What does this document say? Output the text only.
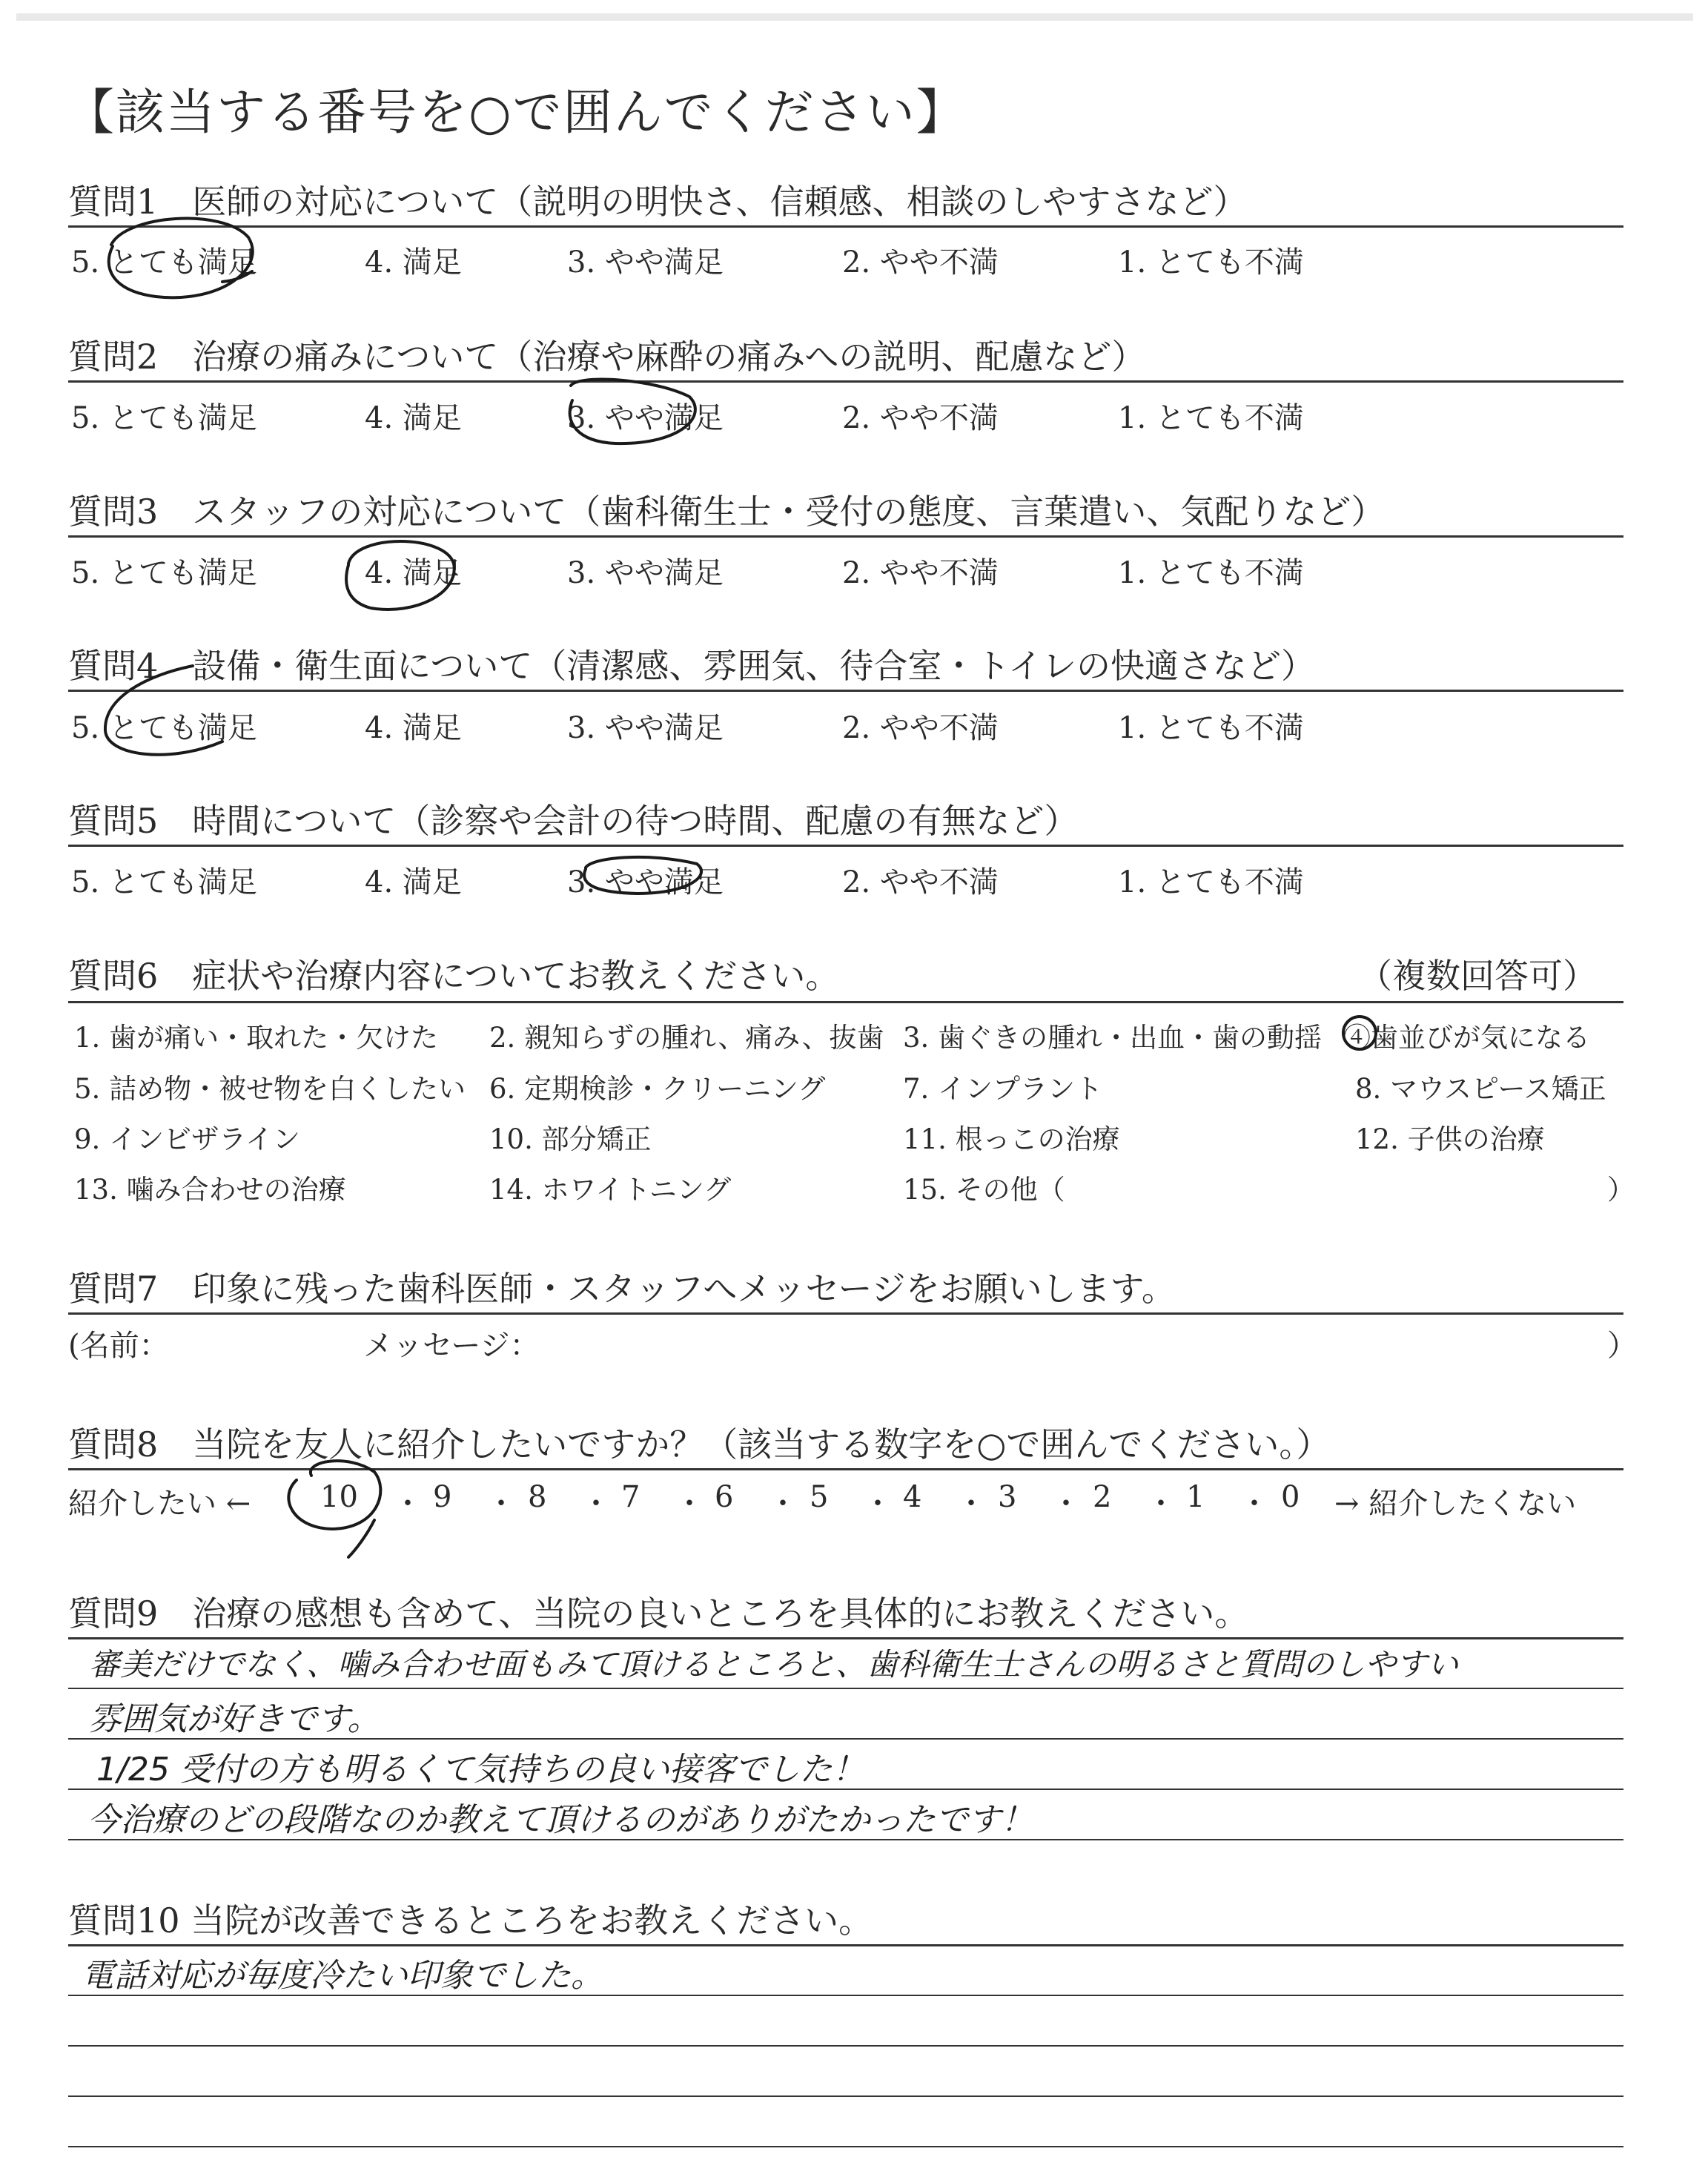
【該当する番号を○で囲んでください】
質問1　医師の対応について（説明の明快さ、信頼感、相談のしやすさなど）
5. とても満足	4. 満足	3. やや満足	2. やや不満	1. とても不満
質問2　治療の痛みについて（治療や麻酔の痛みへの説明、配慮など）
5. とても満足	4. 満足	3. やや満足	2. やや不満	1. とても不満
質問3　スタッフの対応について（歯科衛生士・受付の態度、言葉遣い、気配りなど）
5. とても満足	4. 満足	3. やや満足	2. やや不満	1. とても不満
質問4　設備・衛生面について（清潔感、雰囲気、待合室・トイレの快適さなど）
5. とても満足	4. 満足	3. やや満足	2. やや不満	1. とても不満
質問5　時間について（診察や会計の待つ時間、配慮の有無など）
5. とても満足	4. 満足	3. やや満足	2. やや不満	1. とても不満
質問6　症状や治療内容についてお教えください。	（複数回答可）
1. 歯が痛い・取れた・欠けた 2. 親知らずの腫れ、痛み、抜歯 3. 歯ぐきの腫れ・出血・歯の動揺 ④歯並びが気になる
5. 詰め物・被せ物を白くしたい 6. 定期検診・クリーニング	7. インプラント	8. マウスピース矯正
9. インビザライン	10. 部分矯正	11. 根っこの治療	12. 子供の治療
13. 噛み合わせの治療	14. ホワイトニング	15. その他（	）
質問7　印象に残った歯科医師・スタッフへメッセージをお願いします。
(名前：	メッセージ：	）
質問8　当院を友人に紹介したいですか？（該当する数字を○で囲んでください。）
紹介したい ← 10 ・ 9 ・ 8 ・ 7 ・ 6 ・ 5 ・ 4 ・ 3 ・ 2 ・ 1 ・ 0 → 紹介したくない
質問9　治療の感想も含めて、当院の良いところを具体的にお教えください。
審美だけでなく、噛み合わせ面もみて頂けるところと、歯科衛生士さんの明るさと質問のしやすい
雰囲気が好きです。
1/25 受付の方も明るくて気持ちの良い接客でした！
今治療のどの段階なのか教えて頂けるのがありがたかったです！
質問10 当院が改善できるところをお教えください。
電話対応が毎度冷たい印象でした。
